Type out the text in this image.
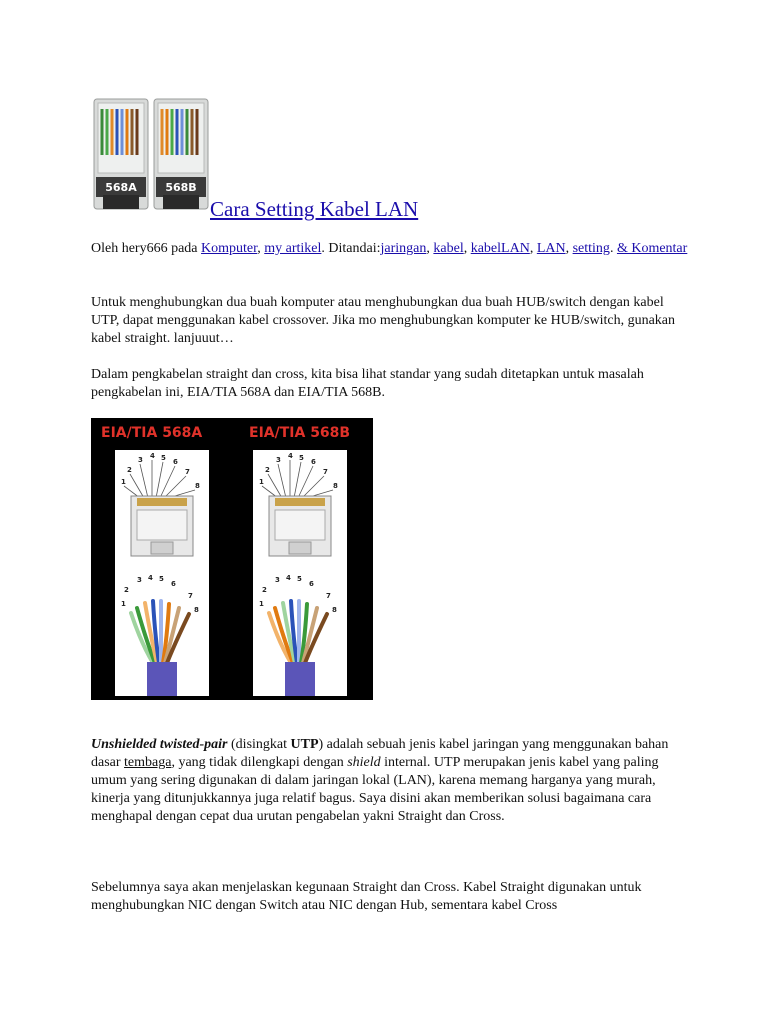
568A	568B
Cara Setting Kabel LAN
Oleh hery666 pada Komputer, my artikel. Ditandai:jaringan, kabel, kabelLAN, LAN, setting. & Komentar

Untuk menghubungkan dua buah komputer atau menghubungkan dua buah HUB/switch dengan kabel UTP, dapat menggunakan kabel crossover. Jika mo menghubungkan komputer ke HUB/switch, gunakan kabel straight. lanjuuut…

Dalam pengkabelan straight dan cross, kita bisa lihat standar yang sudah ditetapkan untuk masalah pengkabelan ini, EIA/TIA 568A dan EIA/TIA 568B.

EIA/TIA 568A	EIA/TIA 568B
1
2
3 4 5 6
7
8
1
2
3 4 5
6
7
8
1
2
3 4 5 6
7
8
1
2
3 4 5
6
7
8

Unshielded twisted-pair (disingkat UTP) adalah sebuah jenis kabel jaringan yang menggunakan bahan dasar tembaga, yang tidak dilengkapi dengan shield internal. UTP merupakan jenis kabel yang paling umum yang sering digunakan di dalam jaringan lokal (LAN), karena memang harganya yang murah, kinerja yang ditunjukkannya juga relatif bagus. Saya disini akan memberikan solusi bagaimana cara menghapal dengan cepat dua urutan pengabelan yakni Straight dan Cross.

Sebelumnya saya akan menjelaskan kegunaan Straight dan Cross. Kabel Straight digunakan untuk menghubungkan NIC dengan Switch atau NIC dengan Hub, sementara kabel Cross
